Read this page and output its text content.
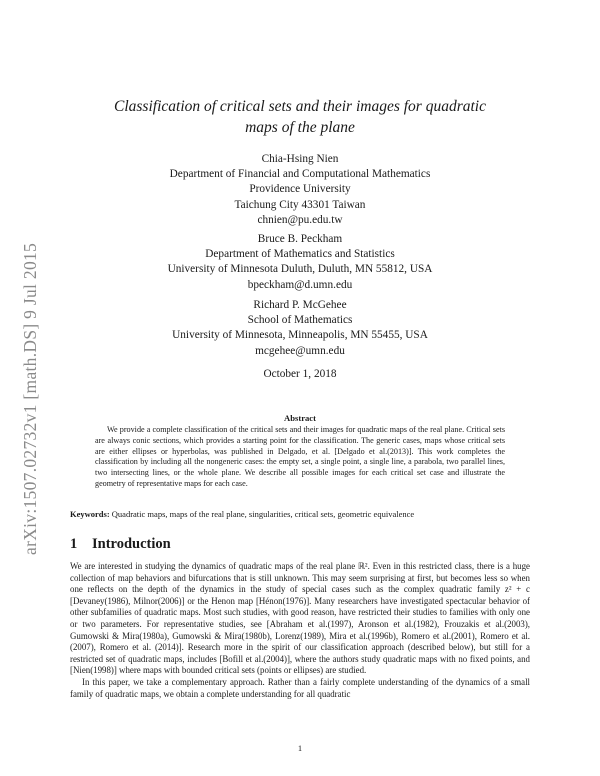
arXiv:1507.02732v1 [math.DS] 9 Jul 2015
Classification of critical sets and their images for quadratic
maps of the plane
Chia-Hsing Nien
Department of Financial and Computational Mathematics
Providence University
Taichung City 43301 Taiwan
chnien@pu.edu.tw
Bruce B. Peckham
Department of Mathematics and Statistics
University of Minnesota Duluth, Duluth, MN 55812, USA
bpeckham@d.umn.edu
Richard P. McGehee
School of Mathematics
University of Minnesota, Minneapolis, MN 55455, USA
mcgehee@umn.edu
October 1, 2018
Abstract

We provide a complete classification of the critical sets and their images for quadratic maps of the real plane. Critical sets are always conic sections, which provides a starting point for the classification. The generic cases, maps whose critical sets are either ellipses or hyperbolas, was published in Delgado, et al. [Delgado et al.(2013)]. This work completes the classification by including all the nongeneric cases: the empty set, a single point, a single line, a parabola, two parallel lines, two intersecting lines, or the whole plane. We describe all possible images for each critical set case and illustrate the geometry of representative maps for each case.

Keywords: Quadratic maps, maps of the real plane, singularities, critical sets, geometric equivalence
1 Introduction

We are interested in studying the dynamics of quadratic maps of the real plane ℝ². Even in this restricted class, there is a huge collection of map behaviors and bifurcations that is still unknown. This may seem surprising at first, but becomes less so when one reflects on the depth of the dynamics in the study of special cases such as the complex quadratic family z² + c [Devaney(1986), Milnor(2006)] or the Henon map [Hénon(1976)]. Many researchers have investigated spectacular behavior of other subfamilies of quadratic maps. Most such studies, with good reason, have restricted their studies to families with only one or two parameters. For representative studies, see [Abraham et al.(1997), Aronson et al.(1982), Frouzakis et al.(2003), Gumowski & Mira(1980a), Gumowski & Mira(1980b), Lorenz(1989), Mira et al.(1996b), Romero et al.(2001), Romero et al.(2007), Romero et al. (2014)]. Research more in the spirit of our classification approach (described below), but still for a restricted set of quadratic maps, includes [Bofill et al.(2004)], where the authors study quadratic maps with no fixed points, and [Nien(1998)] where maps with bounded critical sets (points or ellipses) are studied.

In this paper, we take a complementary approach. Rather than a fairly complete understanding of the dynamics of a small family of quadratic maps, we obtain a complete understanding for all quadratic

1
